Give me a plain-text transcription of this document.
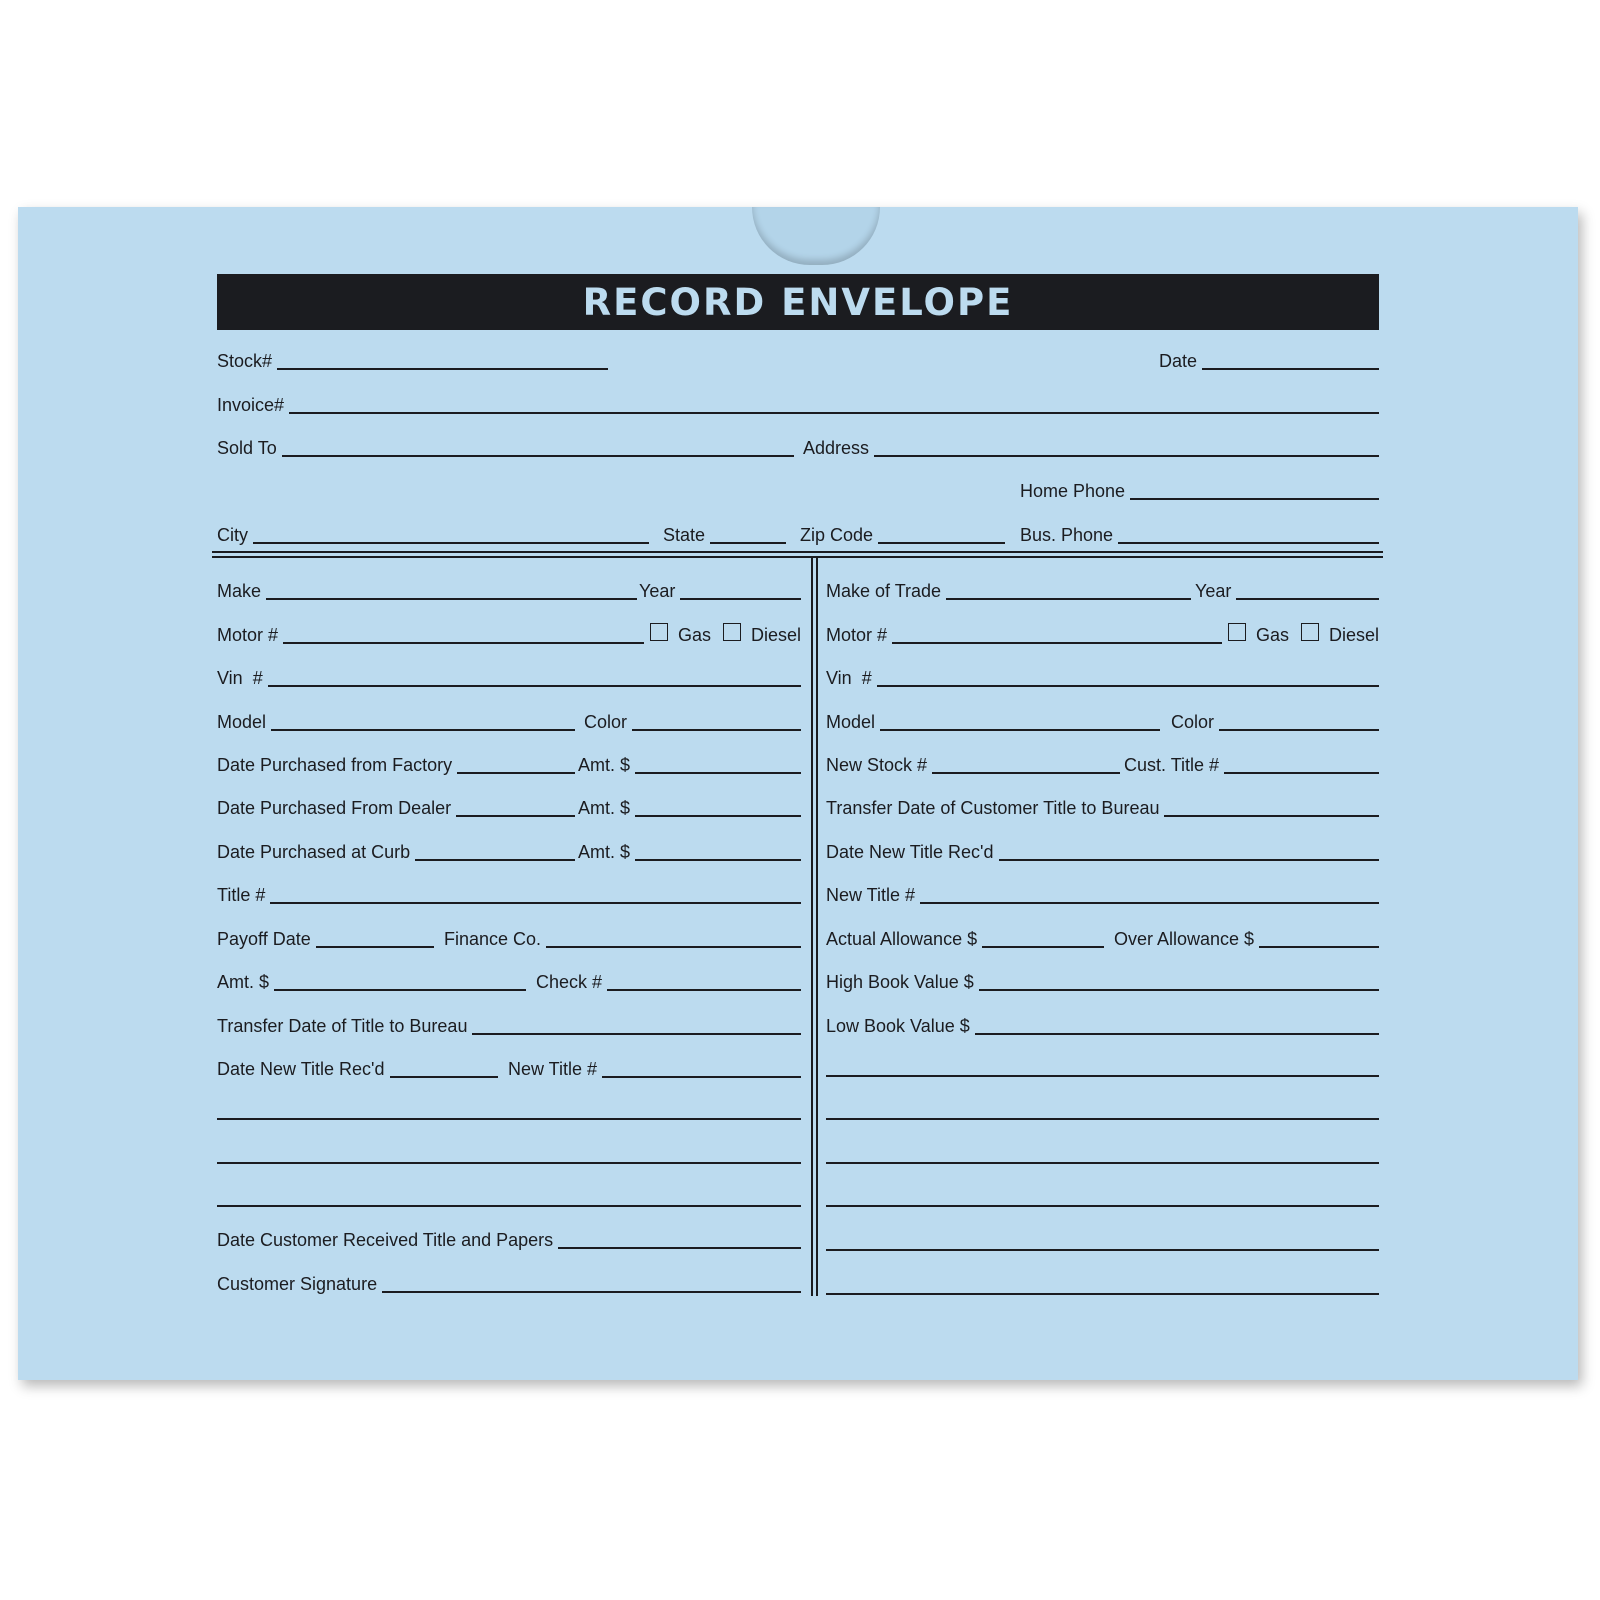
RECORD ENVELOPE
Stock#	Date
Invoice#
Sold To	Address
Home Phone
City	State	Zip Code	Bus. Phone
Make	Year
Motor #	Gas Diesel
Vin  #
Model	Color
Date Purchased from Factory	Amt. $
Date Purchased From Dealer	Amt. $
Date Purchased at Curb	Amt. $
Title #
Payoff Date	Finance Co.
Amt. $	Check #
Transfer Date of Title to Bureau
Date New Title Rec'd	New Title #
Date Customer Received Title and Papers
Customer Signature
Make of Trade	Year
Motor #	Gas Diesel
Vin  #
Model	Color
New Stock #	Cust. Title #
Transfer Date of Customer Title to Bureau
Date New Title Rec'd
New Title #
Actual Allowance $	Over Allowance $
High Book Value $
Low Book Value $
